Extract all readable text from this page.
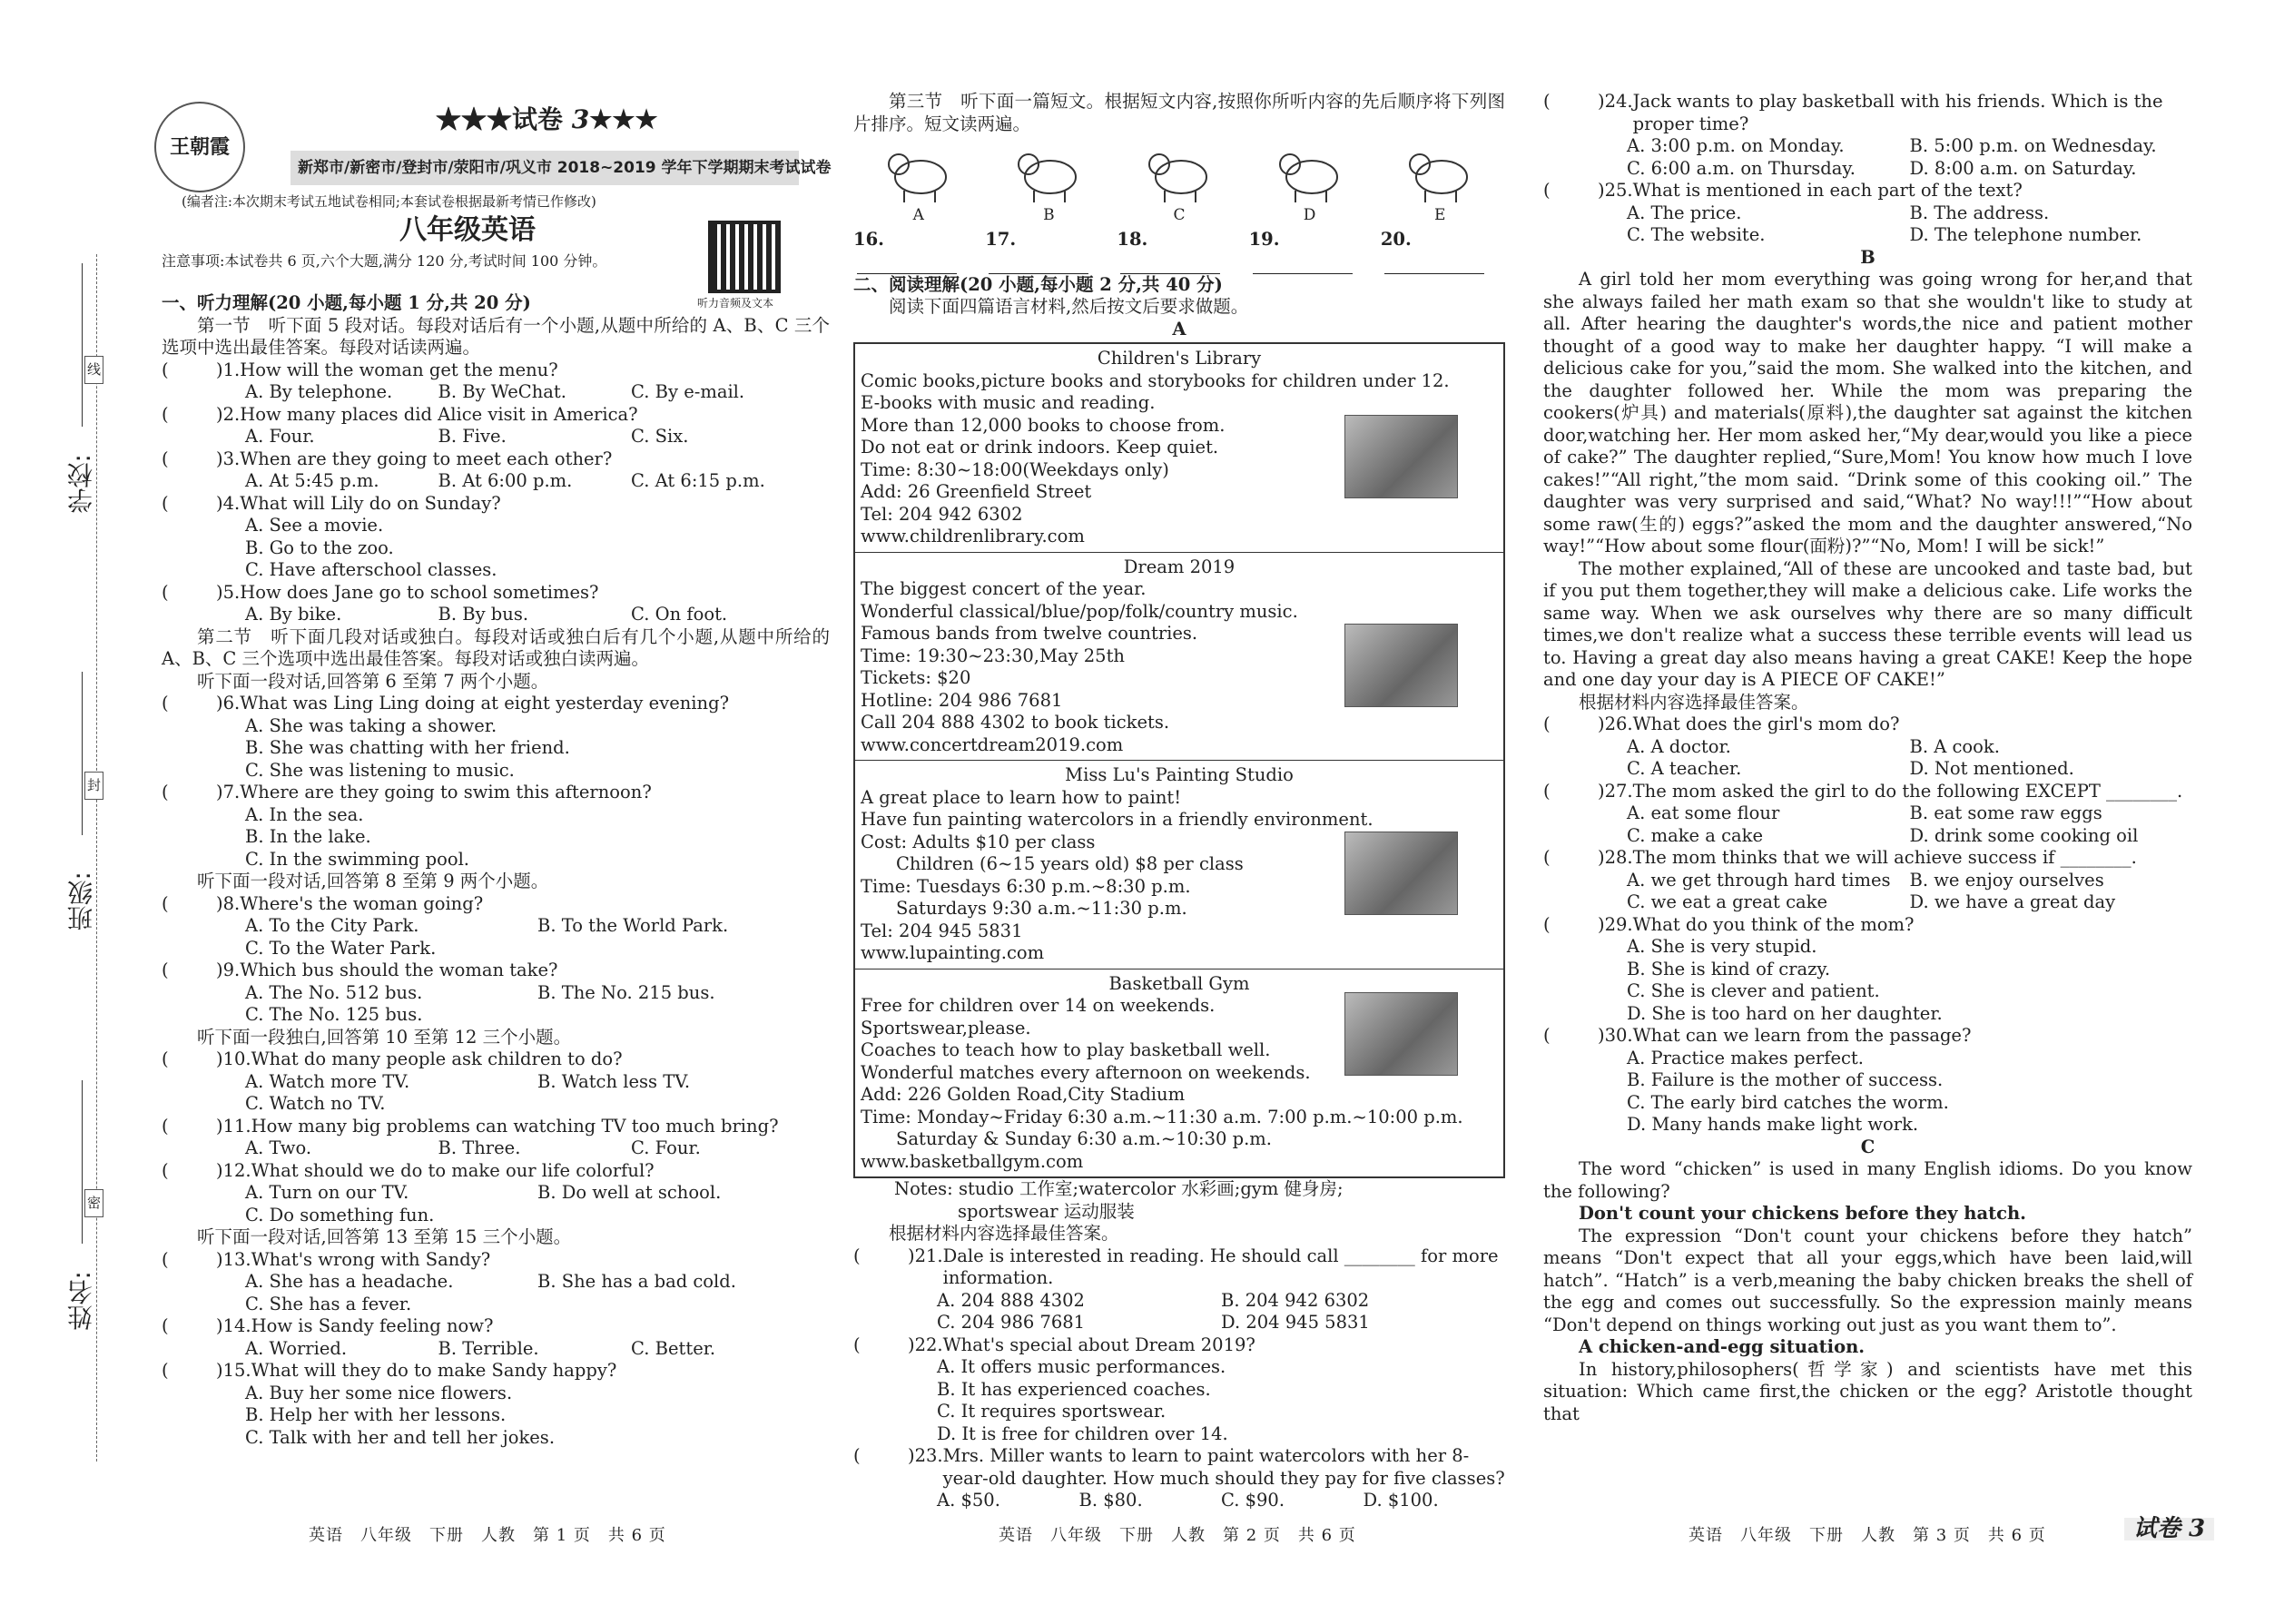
学校:
班级:
姓名:
线
封
密
王朝霞
★★★试卷 3★★★
新郑市/新密市/登封市/荥阳市/巩义市 2018~2019 学年下学期期末考试试卷
(编者注:本次期末考试五地试卷相同;本套试卷根据最新考情已作修改)
八年级英语
注意事项:本试卷共 6 页,六个大题,满分 120 分,考试时间 100 分钟。
听力音频及文本
一、听力理解(20 小题,每小题 1 分,共 20 分)
第一节　听下面 5 段对话。每段对话后有一个小题,从题中所给的 A、B、C 三个选项中选出最佳答案。每段对话读两遍。
(	)1. How will the woman get the menu?
A. By telephone.	B. By WeChat.	C. By e-mail.
(	)2. How many places did Alice visit in America?
A. Four.	B. Five.	C. Six.
(	)3. When are they going to meet each other?
A. At 5:45 p.m.	B. At 6:00 p.m.	C. At 6:15 p.m.
(	)4. What will Lily do on Sunday?
A. See a movie.
B. Go to the zoo.
C. Have afterschool classes.
(	)5. How does Jane go to school sometimes?
A. By bike.	B. By bus.	C. On foot.
第二节　听下面几段对话或独白。每段对话或独白后有几个小题,从题中所给的 A、B、C 三个选项中选出最佳答案。每段对话或独白读两遍。
听下面一段对话,回答第 6 至第 7 两个小题。
(	)6. What was Ling Ling doing at eight yesterday evening?
A. She was taking a shower.
B. She was chatting with her friend.
C. She was listening to music.
(	)7. Where are they going to swim this afternoon?
A. In the sea.
B. In the lake.
C. In the swimming pool.
听下面一段对话,回答第 8 至第 9 两个小题。
(	)8. Where's the woman going?
A. To the City Park.	B. To the World Park.
C. To the Water Park.
(	)9. Which bus should the woman take?
A. The No. 512 bus.	B. The No. 215 bus.
C. The No. 125 bus.
听下面一段独白,回答第 10 至第 12 三个小题。
(	)10. What do many people ask children to do?
A. Watch more TV.	B. Watch less TV.
C. Watch no TV.
(	)11. How many big problems can watching TV too much bring?
A. Two.	B. Three.	C. Four.
(	)12. What should we do to make our life colorful?
A. Turn on our TV.	B. Do well at school.
C. Do something fun.
听下面一段对话,回答第 13 至第 15 三个小题。
(	)13. What's wrong with Sandy?
A. She has a headache.	B. She has a bad cold.
C. She has a fever.
(	)14. How is Sandy feeling now?
A. Worried.	B. Terrible.	C. Better.
(	)15. What will they do to make Sandy happy?
A. Buy her some nice flowers.
B. Help her with her lessons.
C. Talk with her and tell her jokes.
第三节　听下面一篇短文。根据短文内容,按照你所听内容的先后顺序将下列图片排序。短文读两遍。
A	B	C	D	E
16.	17.	18.	19.	20.
二、阅读理解(20 小题,每小题 2 分,共 40 分)
阅读下面四篇语言材料,然后按文后要求做题。
A
Children's Library
Comic books,picture books and storybooks for children under 12.
E-books with music and reading.
More than 12,000 books to choose from.
Do not eat or drink indoors. Keep quiet.
Time: 8:30~18:00(Weekdays only)
Add: 26 Greenfield Street
Tel: 204 942 6302
www.childrenlibrary.com
Dream 2019
The biggest concert of the year.
Wonderful classical/blue/pop/folk/country music.
Famous bands from twelve countries.
Time: 19:30~23:30,May 25th
Tickets: $20
Hotline: 204 986 7681
Call 204 888 4302 to book tickets.
www.concertdream2019.com
Miss Lu's Painting Studio
A great place to learn how to paint!
Have fun painting watercolors in a friendly environment.
Cost: Adults $10 per class
　　Children (6~15 years old) $8 per class
Time: Tuesdays 6:30 p.m.~8:30 p.m.
　　Saturdays 9:30 a.m.~11:30 p.m.
Tel: 204 945 5831
www.lupainting.com
Basketball Gym
Free for children over 14 on weekends.
Sportswear,please.
Coaches to teach how to play basketball well.
Wonderful matches every afternoon on weekends.
Add: 226 Golden Road,City Stadium
Time: Monday~Friday 6:30 a.m.~11:30 a.m. 7:00 p.m.~10:00 p.m.
　　Saturday & Sunday 6:30 a.m.~10:30 p.m.
www.basketballgym.com
Notes: studio 工作室;watercolor 水彩画;gym 健身房;
sportswear 运动服装
根据材料内容选择最佳答案。
(	)21. Dale is interested in reading. He should call ________ for more information.
A. 204 888 4302	B. 204 942 6302
C. 204 986 7681	D. 204 945 5831
(	)22. What's special about Dream 2019?
A. It offers music performances.
B. It has experienced coaches.
C. It requires sportswear.
D. It is free for children over 14.
(	)23. Mrs. Miller wants to learn to paint watercolors with her 8-year-old daughter. How much should they pay for five classes?
A. $50.	B. $80.	C. $90.	D. $100.
(	)24. Jack wants to play basketball with his friends. Which is the proper time?
A. 3:00 p.m. on Monday.	B. 5:00 p.m. on Wednesday.
C. 6:00 a.m. on Thursday.	D. 8:00 a.m. on Saturday.
(	)25. What is mentioned in each part of the text?
A. The price.	B. The address.
C. The website.	D. The telephone number.
B
A girl told her mom everything was going wrong for her,and that she always failed her math exam so that she wouldn't like to study at all. After hearing the daughter's words,the nice and patient mother thought of a good way to make her daughter happy. “I will make a delicious cake for you,”said the mom. She walked into the kitchen, and the daughter followed her. While the mom was preparing the cookers(炉具) and materials(原料),the daughter sat against the kitchen door,watching her. Her mom asked her,“My dear,would you like a piece of cake?” The daughter replied,“Sure,Mom! You know how much I love cakes!”“All right,”the mom said. “Drink some of this cooking oil.” The daughter was very surprised and said,“What? No way!!!”“How about some raw(生的) eggs?”asked the mom and the daughter answered,“No way!”“How about some flour(面粉)?”“No, Mom! I will be sick!”
The mother explained,“All of these are uncooked and taste bad, but if you put them together,they will make a delicious cake. Life works the same way. When we ask ourselves why there are so many difficult times,we don't realize what a success these terrible events will lead us to. Having a great day also means having a great CAKE! Keep the hope and one day your day is A PIECE OF CAKE!”
根据材料内容选择最佳答案。
(	)26. What does the girl's mom do?
A. A doctor.	B. A cook.
C. A teacher.	D. Not mentioned.
(	)27. The mom asked the girl to do the following EXCEPT ________.
A. eat some flour	B. eat some raw eggs
C. make a cake	D. drink some cooking oil
(	)28. The mom thinks that we will achieve success if ________.
A. we get through hard times	B. we enjoy ourselves
C. we eat a great cake	D. we have a great day
(	)29. What do you think of the mom?
A. She is very stupid.
B. She is kind of crazy.
C. She is clever and patient.
D. She is too hard on her daughter.
(	)30. What can we learn from the passage?
A. Practice makes perfect.
B. Failure is the mother of success.
C. The early bird catches the worm.
D. Many hands make light work.
C
The word “chicken” is used in many English idioms. Do you know the following?
Don't count your chickens before they hatch.
The expression “Don't count your chickens before they hatch” means “Don't expect that all your eggs,which have been laid,will hatch”. “Hatch” is a verb,meaning the baby chicken breaks the shell of the egg and comes out successfully. So the expression mainly means “Don't depend on things working out just as you want them to”.
A chicken-and-egg situation.
In history,philosophers(哲学家) and scientists have met this situation: Which came first,the chicken or the egg? Aristotle thought that
英语　八年级　下册　人教　第 1 页　共 6 页	英语　八年级　下册　人教　第 2 页　共 6 页	英语　八年级　下册　人教　第 3 页　共 6 页	试卷 3
